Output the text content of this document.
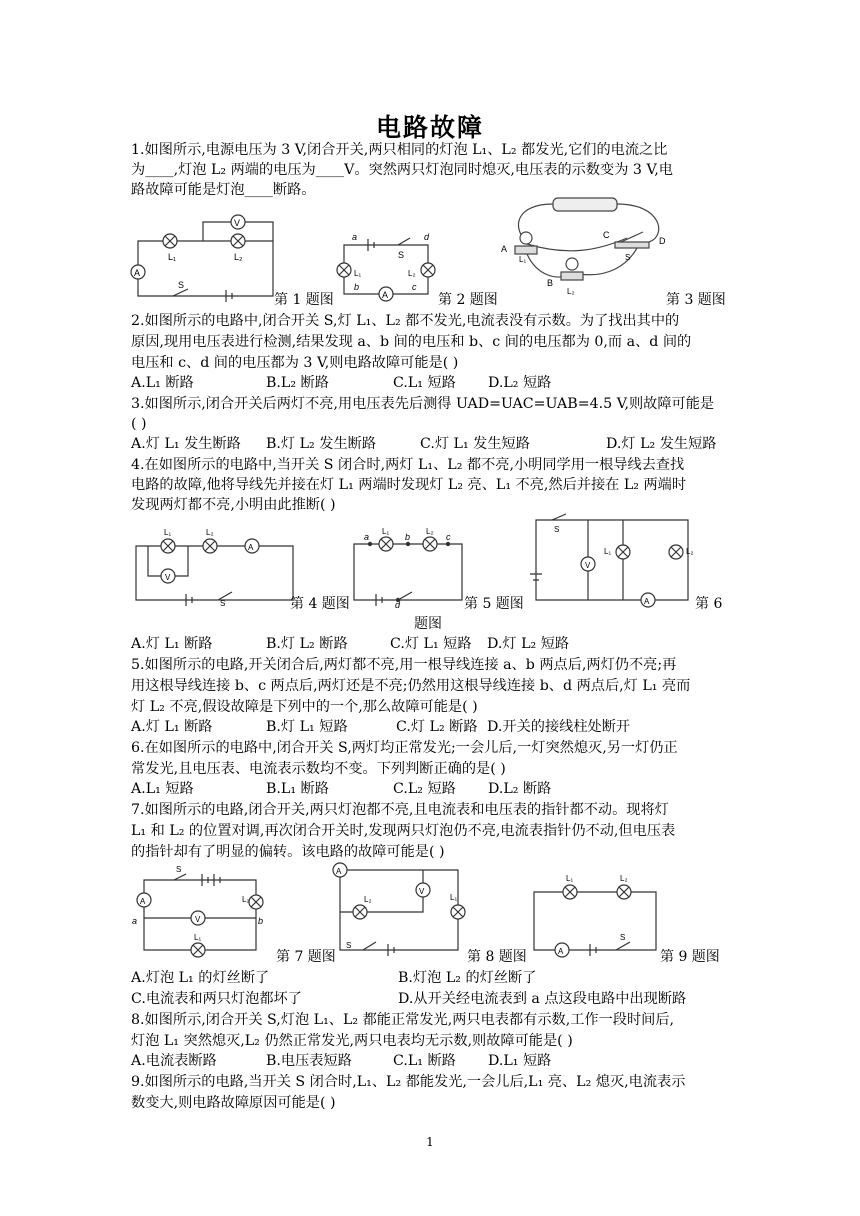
电路故障
1.如图所示,电源电压为 3 V,闭合开关,两只相同的灯泡 L₁、L₂ 都发光,它们的电流之比
为____,灯泡 L₂ 两端的电压为____V。突然两只灯泡同时熄灭,电压表的示数变为 3 V,电
路故障可能是灯泡____断路。
V
A
L₁	L₂
S
第 1 题图
a	d
b	c
A
S
L₁	L₂
第 2 题图
A
B
C
D
S
L₁
L₂
第 3 题图
2.如图所示的电路中,闭合开关 S,灯 L₁、L₂ 都不发光,电流表没有示数。为了找出其中的
原因,现用电压表进行检测,结果发现 a、b 间的电压和 b、c 间的电压都为 0,而 a、d 间的
电压和 c、d 间的电压都为 3 V,则电路故障可能是( )
A.L₁ 断路	B.L₂ 断路	C.L₁ 短路 D.L₂ 短路
3.如图所示,闭合开关后两灯不亮,用电压表先后测得 UAD=UAC=UAB=4.5 V,则故障可能是
( )
A.灯 L₁ 发生断路 B.灯 L₂ 发生断路	C.灯 L₁ 发生短路	D.灯 L₂ 发生短路
4.在如图所示的电路中,当开关 S 闭合时,两灯 L₁、L₂ 都不亮,小明同学用一根导线去查找
电路的故障,他将导线先并接在灯 L₁ 两端时发现灯 L₂ 亮、L₁ 不亮,然后并接在 L₂ 两端时
发现两灯都不亮,小明由此推断( )
L₁	L₂
A
V
S	第 4 题图
a	b	c
d
L₁	L₂
第 5 题图
V
A
L₁	L₂
S
第 6
题图
A.灯 L₁ 断路	B.灯 L₂ 断路	C.灯 L₁ 短路 D.灯 L₂ 短路
5.如图所示的电路,开关闭合后,两灯都不亮,用一根导线连接 a、b 两点后,两灯仍不亮;再
用这根导线连接 b、c 两点后,两灯还是不亮;仍然用这根导线连接 b、d 两点后,灯 L₁ 亮而
灯 L₂ 不亮,假设故障是下列中的一个,那么故障可能是( )
A.灯 L₁ 断路	B.灯 L₁ 短路	C.灯 L₂ 断路 D.开关的接线柱处断开
6.在如图所示的电路中,闭合开关 S,两灯均正常发光;一会儿后,一灯突然熄灭,另一灯仍正
常发光,且电压表、电流表示数均不变。下列判断正确的是( )
A.L₁ 短路	B.L₁ 断路	C.L₂ 短路 D.L₂ 断路
7.如图所示的电路,闭合开关,两只灯泡都不亮,且电流表和电压表的指针都不动。现将灯
L₁ 和 L₂ 的位置对调,再次闭合开关时,发现两只灯泡仍不亮,电流表指针仍不动,但电压表
的指针却有了明显的偏转。该电路的故障可能是( )
A
V
a	b
L₂
L₁
S
第 7 题图
A
V
L₂	L₁
S
第 8 题图
L₁	L₂
A
S
第 9 题图
A.灯泡 L₁ 的灯丝断了	B.灯泡 L₂ 的灯丝断了
C.电流表和两只灯泡都坏了	D.从开关经电流表到 a 点这段电路中出现断路
8.如图所示,闭合开关 S,灯泡 L₁、L₂ 都能正常发光,两只电表都有示数,工作一段时间后,
灯泡 L₁ 突然熄灭,L₂ 仍然正常发光,两只电表均无示数,则故障可能是( )
A.电流表断路	B.电压表短路	C.L₁ 断路 D.L₁ 短路
9.如图所示的电路,当开关 S 闭合时,L₁、L₂ 都能发光,一会儿后,L₁ 亮、L₂ 熄灭,电流表示
数变大,则电路故障原因可能是( )
1
